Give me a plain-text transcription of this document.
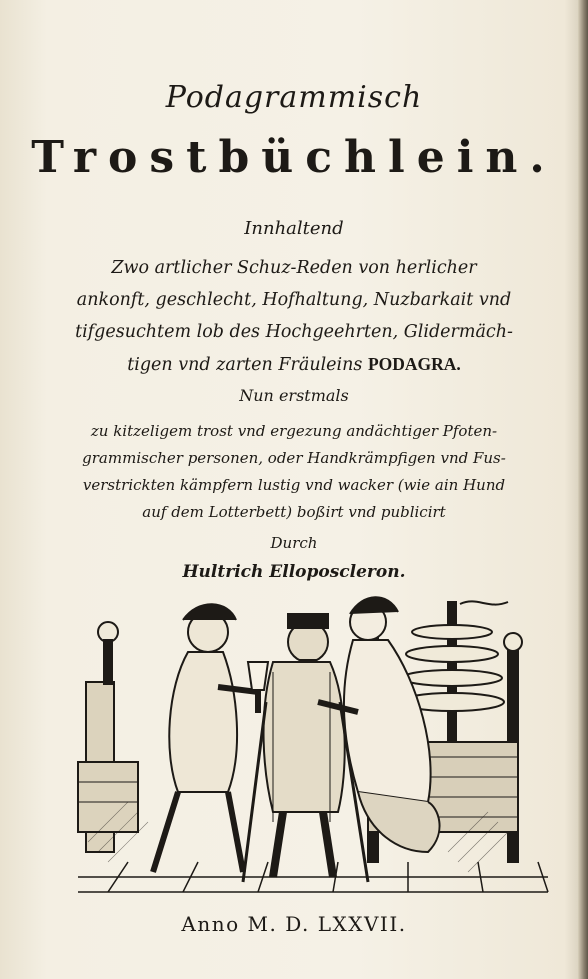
Podagrammisch
Trostbüchlein.
Innhaltend
Zwo artlicher Schuz-Reden von herlicher
ankonft, geschlecht, Hofhaltung, Nuzbarkait vnd
tifgesuchtem lob des Hochgeehrten, Glidermäch-
tigen vnd zarten Fräuleins PODAGRA.
Nun erstmals
zu kitzeligem trost vnd ergezung andächtiger Pfoten-
grammischer personen, oder Handkrämpfigen vnd Fus-
verstrickten kämpfern lustig vnd wacker (wie ain Hund
auf dem Lotterbett) boßirt vnd publicirt
Durch
Hultrich Elloposcleron.
Anno M. D. LXXVII.
